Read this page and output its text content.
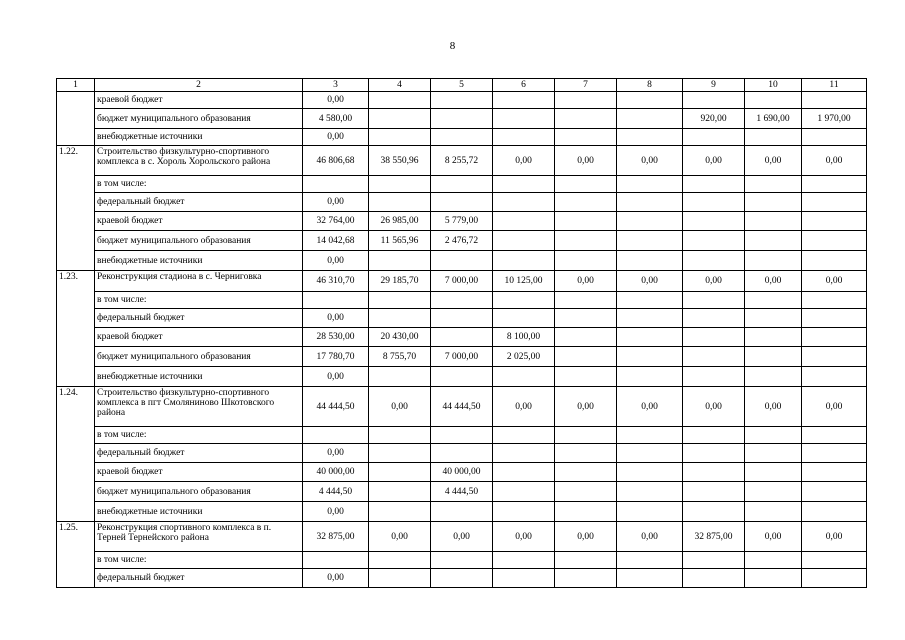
8
1	2	3	4	5	6	7	8	9	10	11
	краевой бюджет	0,00								
	бюджет муниципального образования	4 580,00						920,00	1 690,00	1 970,00
	внебюджетные источники	0,00								
1.22.	Строительство физкультурно-спортивного комплекса в с. Хороль Хорольского района	46 806,68	38 550,96	8 255,72	0,00	0,00	0,00	0,00	0,00	0,00
	в том числе:									
	федеральный бюджет	0,00								
	краевой бюджет	32 764,00	26 985,00	5 779,00						
	бюджет муниципального образования	14 042,68	11 565,96	2 476,72						
	внебюджетные источники	0,00								
1.23.	Реконструкция стадиона в с. Черниговка	46 310,70	29 185,70	7 000,00	10 125,00	0,00	0,00	0,00	0,00	0,00
	в том числе:									
	федеральный бюджет	0,00								
	краевой бюджет	28 530,00	20 430,00		8 100,00					
	бюджет муниципального образования	17 780,70	8 755,70	7 000,00	2 025,00					
	внебюджетные источники	0,00								
1.24.	Строительство физкультурно-спортивного комплекса в пгт Смоляниново Шкотовского района	44 444,50	0,00	44 444,50	0,00	0,00	0,00	0,00	0,00	0,00
	в том числе:									
	федеральный бюджет	0,00								
	краевой бюджет	40 000,00		40 000,00						
	бюджет муниципального образования	4 444,50		4 444,50						
	внебюджетные источники	0,00								
1.25.	Реконструкция спортивного комплекса в п. Терней Тернейского района	32 875,00	0,00	0,00	0,00	0,00	0,00	32 875,00	0,00	0,00
	в том числе:									
	федеральный бюджет	0,00								
